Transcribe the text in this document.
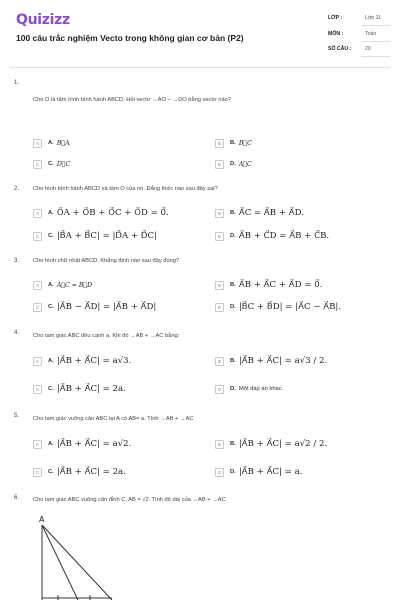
Quizizz
100 câu trắc nghiệm Vecto trong không gian cơ bản (P2)
LỚP :	Lớp 11
MÔN :	Toán
SỐ CÂU :	20
1.
Cho O là tâm hình bình hành ABCD. Hỏi vectơ →AO − →DO bằng vectơ nào?
A	A. B⃗A	B	B. B⃗C
C	C. D⃗C	D	D. A⃗C
2. Cho hình bình hành ABCD và tâm O của nó. Đẳng thức nào sau đây sai?
A	A. O⃗A + O⃗B + O⃗C + O⃗D = 0⃗.	B	B. A⃗C = A⃗B + A⃗D.
C	C. |B⃗A + B⃗C| = |D⃗A + D⃗C|	D	D. A⃗B + C⃗D = A⃗B + C⃗B.
3. Cho hình chữ nhật ABCD. Khẳng định nào sau đây đúng?
A	A. A⃗C = B⃗D	B	B. A⃗B + A⃗C + A⃗D = 0⃗.
C	C. |A⃗B − A⃗D| = |A⃗B + A⃗D|	D	D. |B⃗C + B⃗D| = |A⃗C − A⃗B|.
4. Cho tam giác ABC đều cạnh a. Khi đó →AB + →AC bằng:
A	A. |A⃗B + A⃗C| = a√3.	B	B. |A⃗B + A⃗C| = a√3 / 2.
C	C. |A⃗B + A⃗C| = 2a.	D	D. Một đáp án khác.
5. Cho tam giác vuông cân ABC tại A có AB= a. Tính →AB + →AC
A	A. |A⃗B + A⃗C| = a√2.	B	B. |A⃗B + A⃗C| = a√2 / 2.
C	C. |A⃗B + A⃗C| = 2a.	D	D. |A⃗B + A⃗C| = a.
6. Cho tam giác ABC vuông cân đỉnh C, AB = √2. Tính độ dài của →AB + →AC
A
